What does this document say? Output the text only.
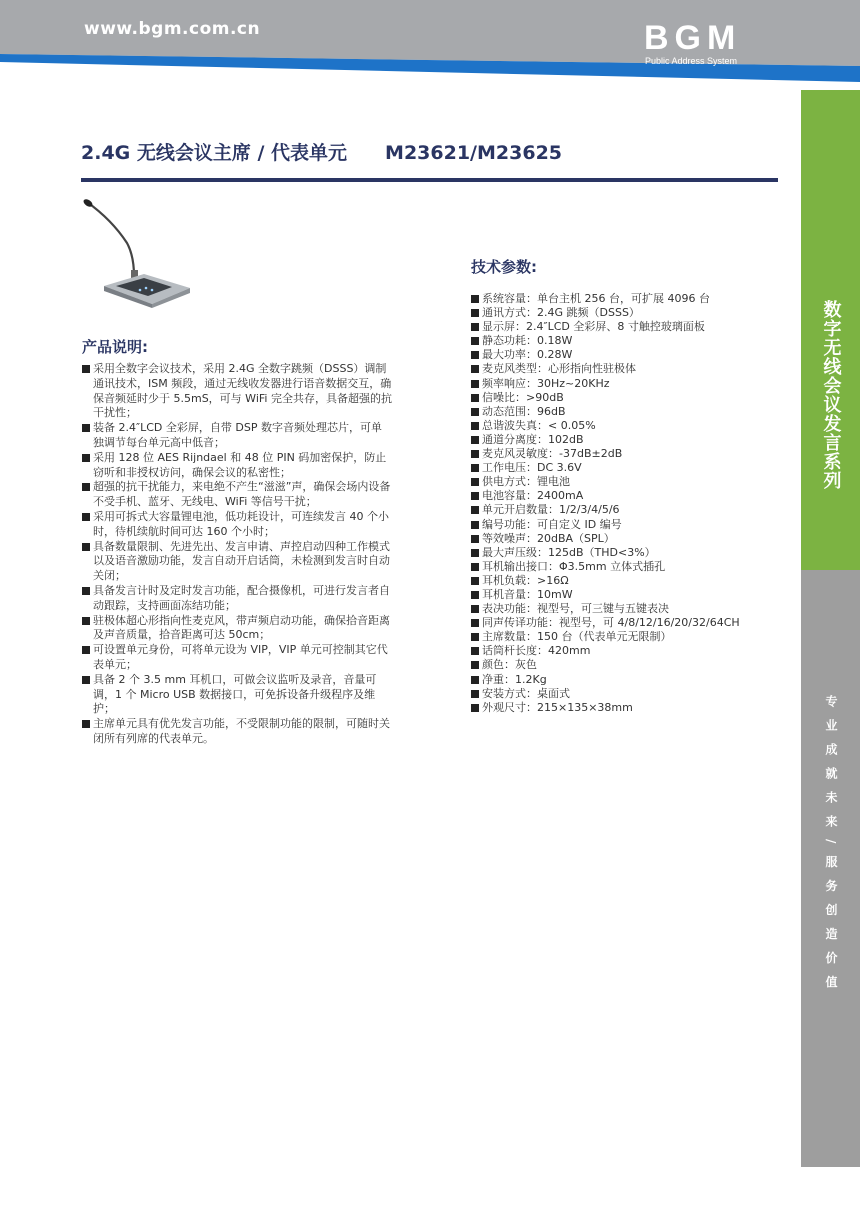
www.bgm.com.cn	BGM
Public Address System
数字无线会议发言系列
专业成就未来/服务创造价值
132
2.4G 无线会议主席 / 代表单元 M23621/M23625
产品说明:
采用全数字会议技术，采用 2.4G 全数字跳频（DSSS）调制通讯技术，ISM 频段，通过无线收发器进行语音数据交互，确保音频延时少于 5.5mS，可与 WiFi 完全共存，具备超强的抗干扰性；
装备 2.4″LCD 全彩屏，自带 DSP 数字音频处理芯片，可单独调节每台单元高中低音；
采用 128 位 AES Rijndael 和 48 位 PIN 码加密保护，防止窃听和非授权访问，确保会议的私密性；
超强的抗干扰能力，来电绝不产生“滋滋”声，确保会场内设备不受手机、蓝牙、无线电、WiFi 等信号干扰；
采用可拆式大容量锂电池，低功耗设计，可连续发言 40 个小时，待机续航时间可达 160 个小时；
具备数量限制、先进先出、发言申请、声控启动四种工作模式以及语音激励功能，发言自动开启话筒，未检测到发言时自动关闭；
具备发言计时及定时发言功能，配合摄像机，可进行发言者自动跟踪，支持画面冻结功能；
驻极体超心形指向性麦克风，带声频启动功能，确保拾音距离及声音质量，拾音距离可达 50cm；
可设置单元身份，可将单元设为 VIP，VIP 单元可控制其它代表单元；
具备 2 个 3.5 mm 耳机口，可做会议监听及录音，音量可调，1 个 Micro USB 数据接口，可免拆设备升级程序及维护；
主席单元具有优先发言功能，不受限制功能的限制，可随时关闭所有列席的代表单元。
技术参数:
系统容量：单台主机 256 台，可扩展 4096 台
通讯方式：2.4G 跳频（DSSS）
显示屏：2.4″LCD 全彩屏、8 寸触控玻璃面板
静态功耗：0.18W
最大功率：0.28W
麦克风类型：心形指向性驻极体
频率响应：30Hz~20KHz
信噪比：>90dB
动态范围：96dB
总谐波失真：< 0.05%
通道分离度：102dB
麦克风灵敏度：-37dB±2dB
工作电压：DC 3.6V
供电方式：锂电池
电池容量：2400mA
单元开启数量：1/2/3/4/5/6
编号功能：可自定义 ID 编号
等效噪声：20dBA（SPL）
最大声压级：125dB（THD<3%）
耳机输出接口：Φ3.5mm 立体式插孔
耳机负载：>16Ω
耳机音量：10mW
表决功能：视型号，可三键与五键表决
同声传译功能：视型号，可 4/8/12/16/20/32/64CH
主席数量：150 台（代表单元无限制）
话筒杆长度：420mm
颜色：灰色
净重：1.2Kg
安装方式：桌面式
外观尺寸：215×135×38mm
